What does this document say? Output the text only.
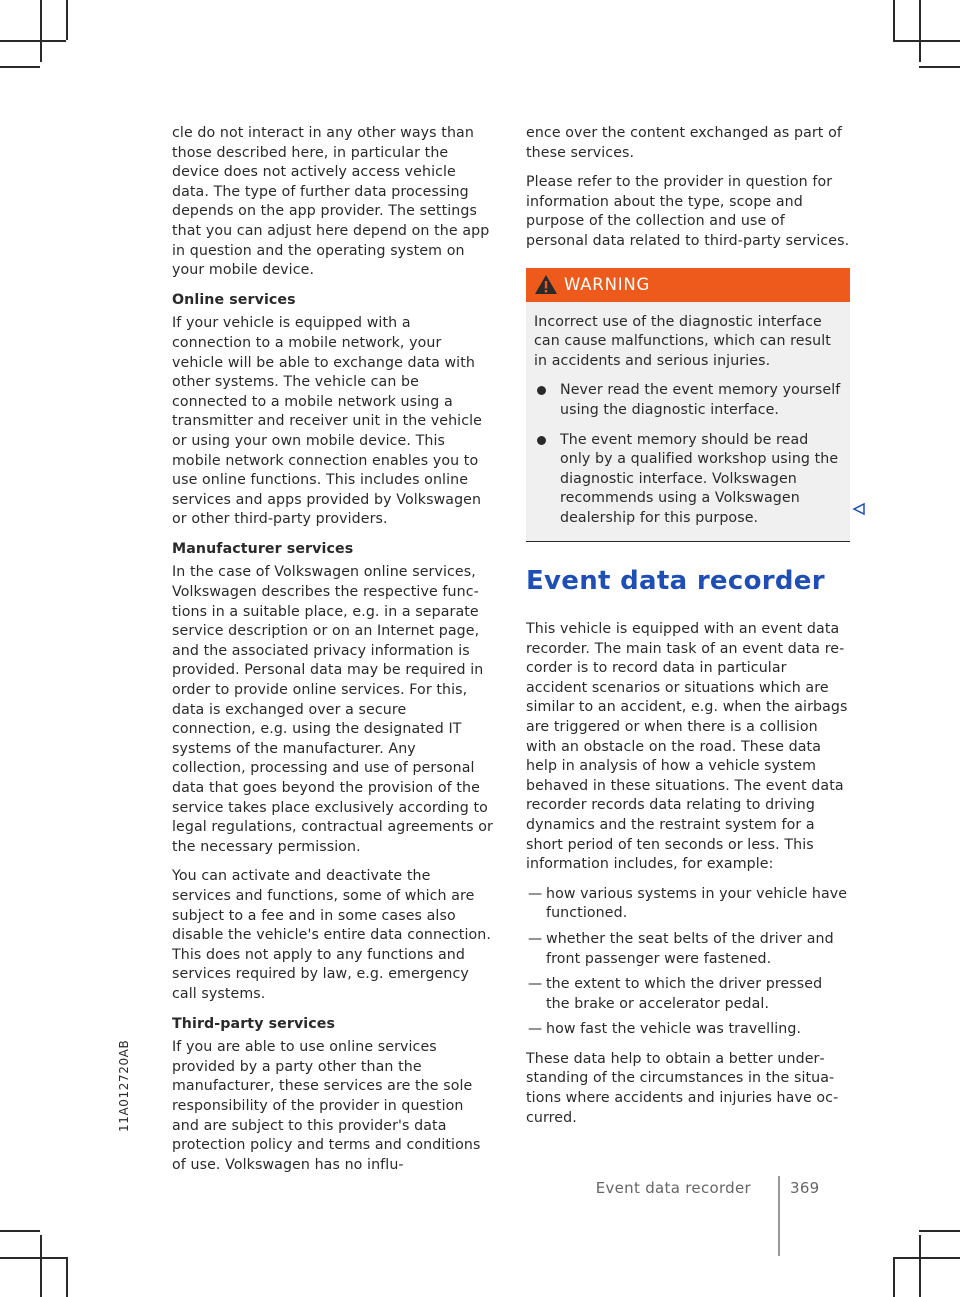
cle do not interact in any other ways than those described here, in particular the device does not actively access vehicle data. The type of further data processing depends on the app provider. The settings that you can adjust here depend on the app in question and the operating system on your mobile device.

Online services

If your vehicle is equipped with a connection to a mobile network, your vehicle will be able to exchange data with other systems. The vehicle can be connected to a mobile network using a transmitter and receiver unit in the vehicle or using your own mobile device. This mobile network connection enables you to use online functions. This includes online services and apps provided by Volkswagen or other third-party providers.

Manufacturer services

In the case of Volkswagen online services, Volkswagen describes the respective functions in a suitable place, e.g. in a separate service description or on an Internet page, and the associated privacy information is provided. Personal data may be required in order to provide online services. For this, data is exchanged over a secure connection, e.g. using the designated IT systems of the manufacturer. Any collection, processing and use of personal data that goes beyond the provision of the service takes place exclusively according to legal regulations, contractual agreements or the necessary permission.

You can activate and deactivate the services and functions, some of which are subject to a fee and in some cases also disable the vehicle's entire data connection. This does not apply to any functions and services required by law, e.g. emergency call systems.

Third-party services

If you are able to use online services provided by a party other than the manufacturer, these services are the sole responsibility of the provider in question and are subject to this provider's data protection policy and terms and conditions of use. Volkswagen has no influ-

ence over the content exchanged as part of these services.

Please refer to the provider in question for information about the type, scope and purpose of the collection and use of personal data related to third-party services.

WARNING

Incorrect use of the diagnostic interface can cause malfunctions, which can result in accidents and serious injuries.

Never read the event memory yourself using the diagnostic interface.
The event memory should be read only by a qualified workshop using the diagnostic interface. Volkswagen recommends using a Volkswagen dealership for this purpose.
Event data recorder

This vehicle is equipped with an event data recorder. The main task of an event data recorder is to record data in particular accident scenarios or situations which are similar to an accident, e.g. when the airbags are triggered or when there is a collision with an obstacle on the road. These data help in analysis of how a vehicle system behaved in these situations. The event data recorder records data relating to driving dynamics and the restraint system for a short period of ten seconds or less. This information includes, for example:

— how various systems in your vehicle have functioned.
— whether the seat belts of the driver and front passenger were fastened.
— the extent to which the driver pressed the brake or accelerator pedal.
— how fast the vehicle was travelling.

These data help to obtain a better understanding of the circumstances in the situations where accidents and injuries have occurred.

11A012720AB
Event data recorder	369
